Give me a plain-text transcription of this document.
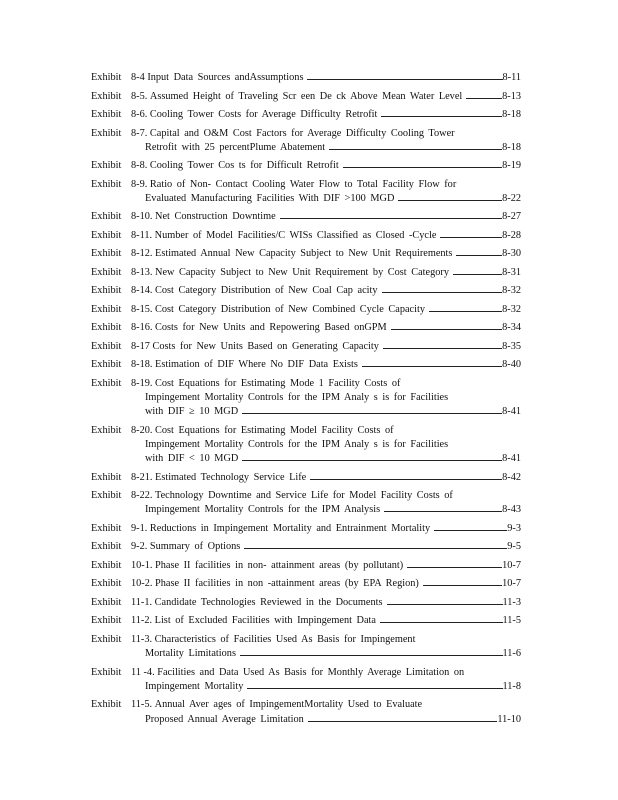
Exhibit 8-4
Input Data Sources andAssumptions	8-11
Exhibit 8-5.
Assumed Height of Traveling Scr een De ck Above Mean Water Level	8-13
Exhibit 8-6.
Cooling Tower Costs for Average Difficulty Retrofit	8-18
Exhibit 8-7.
Capital and O&M Cost Factors for Average Difficulty Cooling Tower
Retrofit with 25 percentPlume Abatement	8-18
Exhibit 8-8.
Cooling Tower Cos ts for Difficult Retrofit	8-19
Exhibit 8-9.
Ratio of Non- Contact Cooling Water Flow to Total Facility Flow for
Evaluated Manufacturing Facilities With DIF >100 MGD	8-22
Exhibit 8-10.
Net Construction Downtime	8-27
Exhibit 8-11.
Number of Model Facilities/C WISs Classified as Closed -Cycle	8-28
Exhibit 8-12.
Estimated Annual New Capacity Subject to New Unit Requirements	8-30
Exhibit 8-13.
New Capacity Subject to New Unit Requirement by Cost Category	8-31
Exhibit 8-14.
Cost Category Distribution of New Coal Cap acity	8-32
Exhibit 8-15.
Cost Category Distribution of New Combined Cycle Capacity	8-32
Exhibit 8-16.
Costs for New Units and Repowering Based onGPM	8-34
Exhibit 8-17
Costs for New Units Based on Generating Capacity	8-35
Exhibit 8-18.
Estimation of DIF Where No DIF Data Exists	8-40
Exhibit 8-19.
Cost Equations for Estimating Mode 1 Facility Costs of
Impingement Mortality Controls for the IPM Analy s is for Facilities
with DIF ≥ 10 MGD	8-41
Exhibit 8-20.
Cost Equations for Estimating Model Facility Costs of
Impingement Mortality Controls for the IPM Analy s is for Facilities
with DIF < 10 MGD	8-41
Exhibit 8-21.
Estimated Technology Service Life	8-42
Exhibit 8-22.
Technology Downtime and Service Life for Model Facility Costs of
Impingement Mortality Controls for the IPM Analysis	8-43
Exhibit 9-1.
Reductions in Impingement Mortality and Entrainment Mortality	9-3
Exhibit 9-2.
Summary of Options	9-5
Exhibit 10-1.
Phase II facilities in non- attainment areas (by pollutant)	10-7
Exhibit 10-2.
Phase II facilities in non -attainment areas (by EPA Region)	10-7
Exhibit 11-1.
Candidate Technologies Reviewed in the Documents	11-3
Exhibit 11-2.
List of Excluded Facilities with Impingement Data	11-5
Exhibit 11-3.
Characteristics of Facilities Used As Basis for Impingement
Mortality Limitations	11-6
Exhibit 11 -4.
Facilities and Data Used As Basis for Monthly Average Limitation on
Impingement Mortality	11-8
Exhibit 11-5.
Annual Aver ages of ImpingementMortality Used to Evaluate
Proposed Annual Average Limitation	11-10
